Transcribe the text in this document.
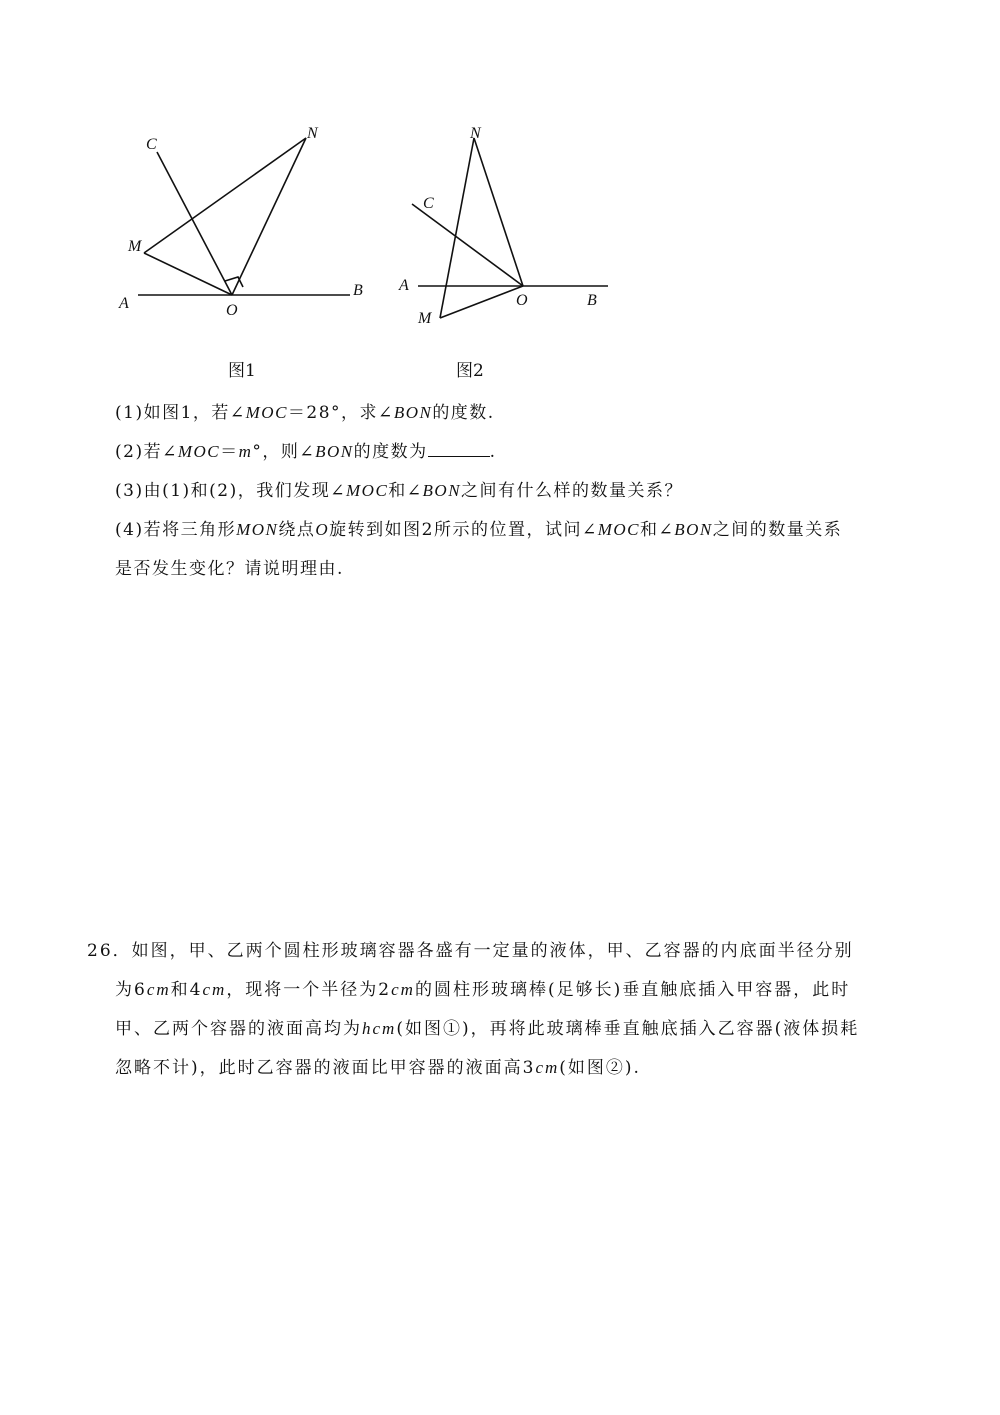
C
N
M
A	O
B
图1
N
C
A
O	B
M
图2
(1)如图1，若∠MOC＝28°，求∠BON的度数.
(2)若∠MOC＝m°，则∠BON的度数为	.
(3)由(1)和(2)，我们发现∠MOC和∠BON之间有什么样的数量关系？
(4)若将三角形MON绕点O旋转到如图2所示的位置，试问∠MOC和∠BON之间的数量关系
是否发生变化？请说明理由.
26．如图，甲、乙两个圆柱形玻璃容器各盛有一定量的液体，甲、乙容器的内底面半径分别
为6cm和4cm，现将一个半径为2cm的圆柱形玻璃棒(足够长)垂直触底插入甲容器，此时
甲、乙两个容器的液面高均为hcm(如图①)，再将此玻璃棒垂直触底插入乙容器(液体损耗
忽略不计)，此时乙容器的液面比甲容器的液面高3cm(如图②).
